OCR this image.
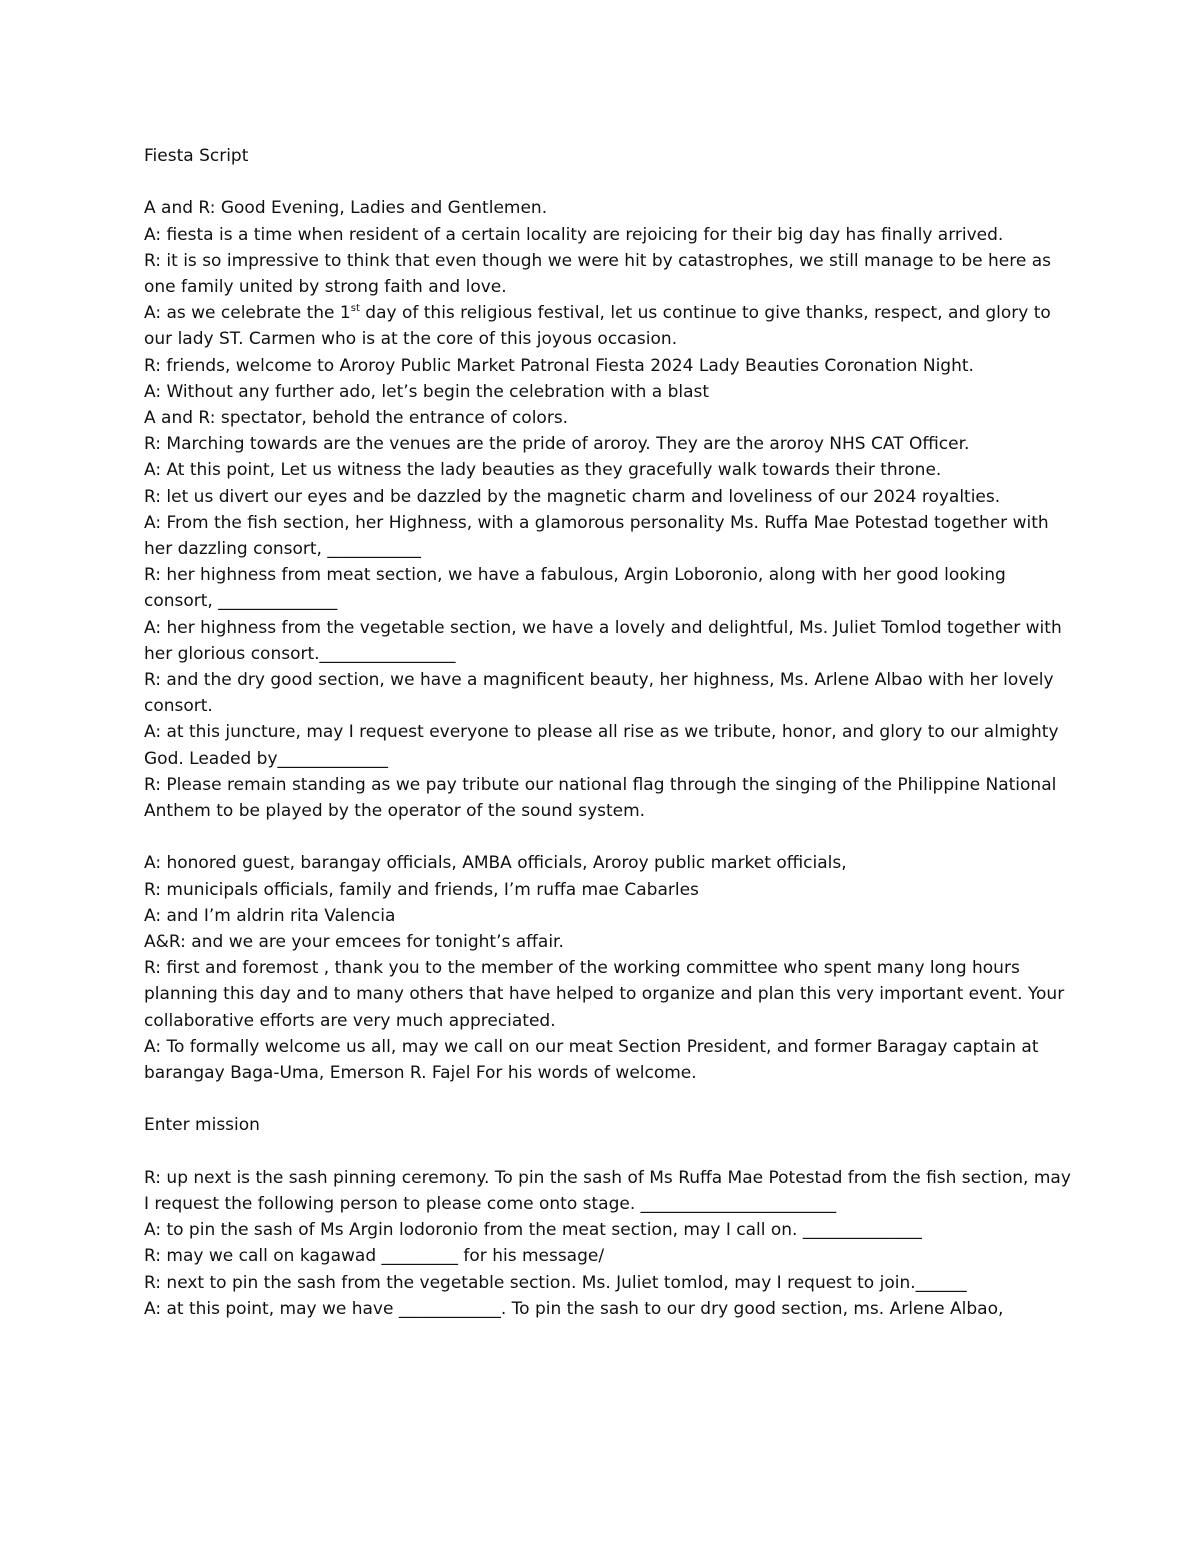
Fiesta Script

A and R: Good Evening, Ladies and Gentlemen.

A: fiesta is a time when resident of a certain locality are rejoicing for their big day has finally arrived.

R: it is so impressive to think that even though we were hit by catastrophes, we still manage to be here as one family united by strong faith and love.

A: as we celebrate the 1st day of this religious festival, let us continue to give thanks, respect, and glory to our lady ST. Carmen who is at the core of this joyous occasion.

R: friends, welcome to Aroroy Public Market Patronal Fiesta 2024 Lady Beauties Coronation Night.

A: Without any further ado, let’s begin the celebration with a blast

A and R: spectator, behold the entrance of colors.

R: Marching towards are the venues are the pride of aroroy. They are the aroroy NHS CAT Officer.

A: At this point, Let us witness the lady beauties as they gracefully walk towards their throne.

R: let us divert our eyes and be dazzled by the magnetic charm and loveliness of our 2024 royalties.

A: From the fish section, her Highness, with a glamorous personality Ms. Ruffa Mae Potestad together with her dazzling consort, ___________

R: her highness from meat section, we have a fabulous, Argin Loboronio, along with her good looking consort, ______________

A: her highness from the vegetable section, we have a lovely and delightful, Ms. Juliet Tomlod together with her glorious consort.________________

R: and the dry good section, we have a magnificent beauty, her highness, Ms. Arlene Albao with her lovely consort.

A: at this juncture, may I request everyone to please all rise as we tribute, honor, and glory to our almighty God. Leaded by_____________

R: Please remain standing as we pay tribute our national flag through the singing of the Philippine National Anthem to be played by the operator of the sound system.

A: honored guest, barangay officials, AMBA officials, Aroroy public market officials,

R: municipals officials, family and friends, I’m ruffa mae Cabarles

A: and I’m aldrin rita Valencia

A&R: and we are your emcees for tonight’s affair.

R: first and foremost , thank you to the member of the working committee who spent many long hours planning this day and to many others that have helped to organize and plan this very important event. Your collaborative efforts are very much appreciated.

A: To formally welcome us all, may we call on our meat Section President, and former Baragay captain at barangay Baga-Uma, Emerson R. Fajel For his words of welcome.

Enter mission

R: up next is the sash pinning ceremony. To pin the sash of Ms Ruffa Mae Potestad from the fish section, may I request the following person to please come onto stage. _______________________

A: to pin the sash of Ms Argin lodoronio from the meat section, may I call on. ______________

R: may we call on kagawad _________ for his message/

R: next to pin the sash from the vegetable section. Ms. Juliet tomlod, may I request to join.______

A: at this point, may we have ____________. To pin the sash to our dry good section, ms. Arlene Albao,
